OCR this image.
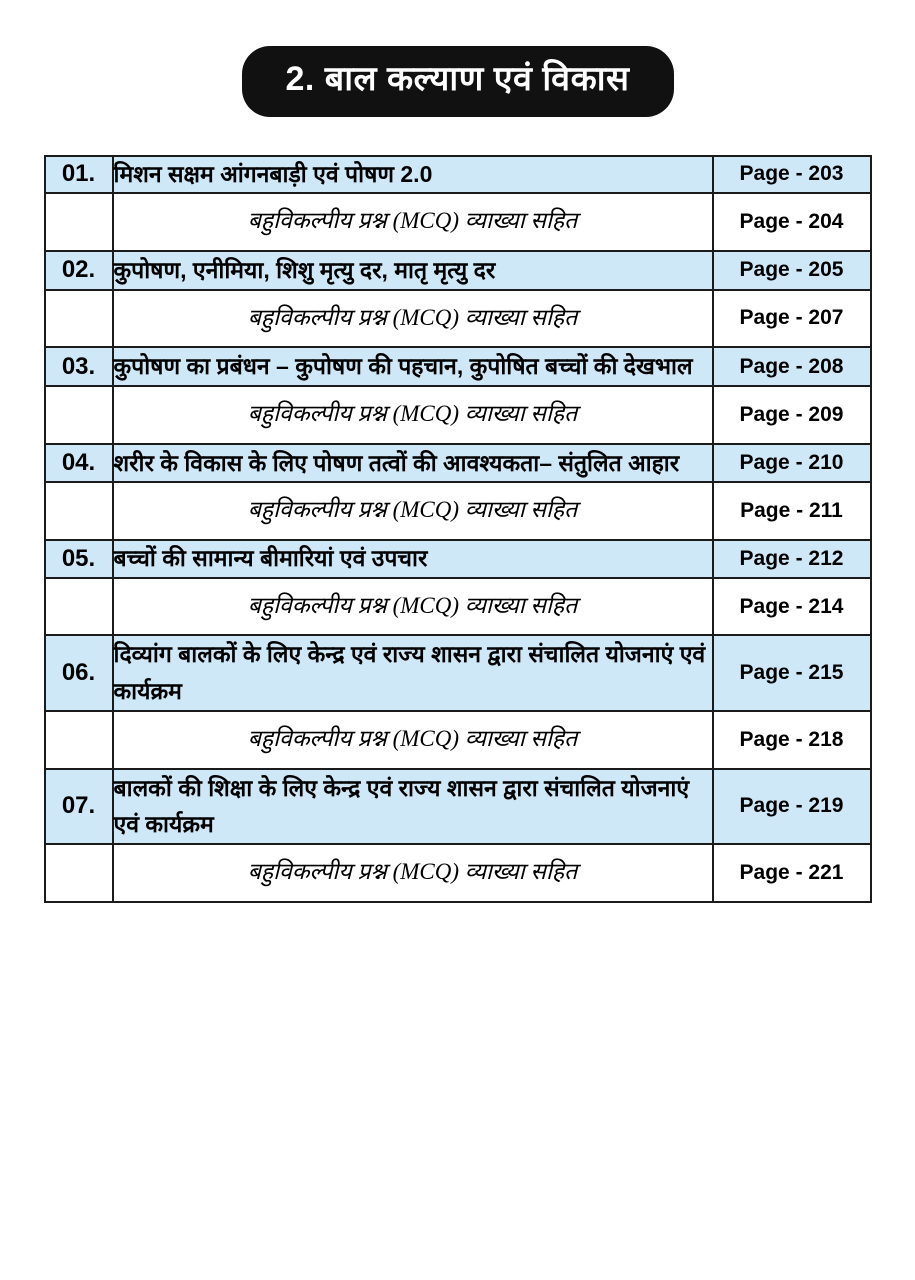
2. बाल कल्याण एवं विकास
01.	मिशन सक्षम आंगनबाड़ी एवं पोषण 2.0	Page - 203
	बहुविकल्पीय प्रश्न (MCQ) व्याख्या सहित	Page - 204
02.	कुपोषण, एनीमिया, शिशु मृत्यु दर, मातृ मृत्यु दर	Page - 205
	बहुविकल्पीय प्रश्न (MCQ) व्याख्या सहित	Page - 207
03.	कुपोषण का प्रबंधन – कुपोषण की पहचान, कुपोषित बच्चों की देखभाल	Page - 208
	बहुविकल्पीय प्रश्न (MCQ) व्याख्या सहित	Page - 209
04.	शरीर के विकास के लिए पोषण तत्वों की आवश्यकता– संतुलित आहार	Page - 210
	बहुविकल्पीय प्रश्न (MCQ) व्याख्या सहित	Page - 211
05.	बच्चों की सामान्य बीमारियां एवं उपचार	Page - 212
	बहुविकल्पीय प्रश्न (MCQ) व्याख्या सहित	Page - 214
06.	दिव्यांग बालकों के लिए केन्द्र एवं राज्य शासन द्वारा संचालित योजनाएं एवं कार्यक्रम	Page - 215
	बहुविकल्पीय प्रश्न (MCQ) व्याख्या सहित	Page - 218
07.	बालकों की शिक्षा के लिए केन्द्र एवं राज्य शासन द्वारा संचालित योजनाएं एवं कार्यक्रम	Page - 219
	बहुविकल्पीय प्रश्न (MCQ) व्याख्या सहित	Page - 221
